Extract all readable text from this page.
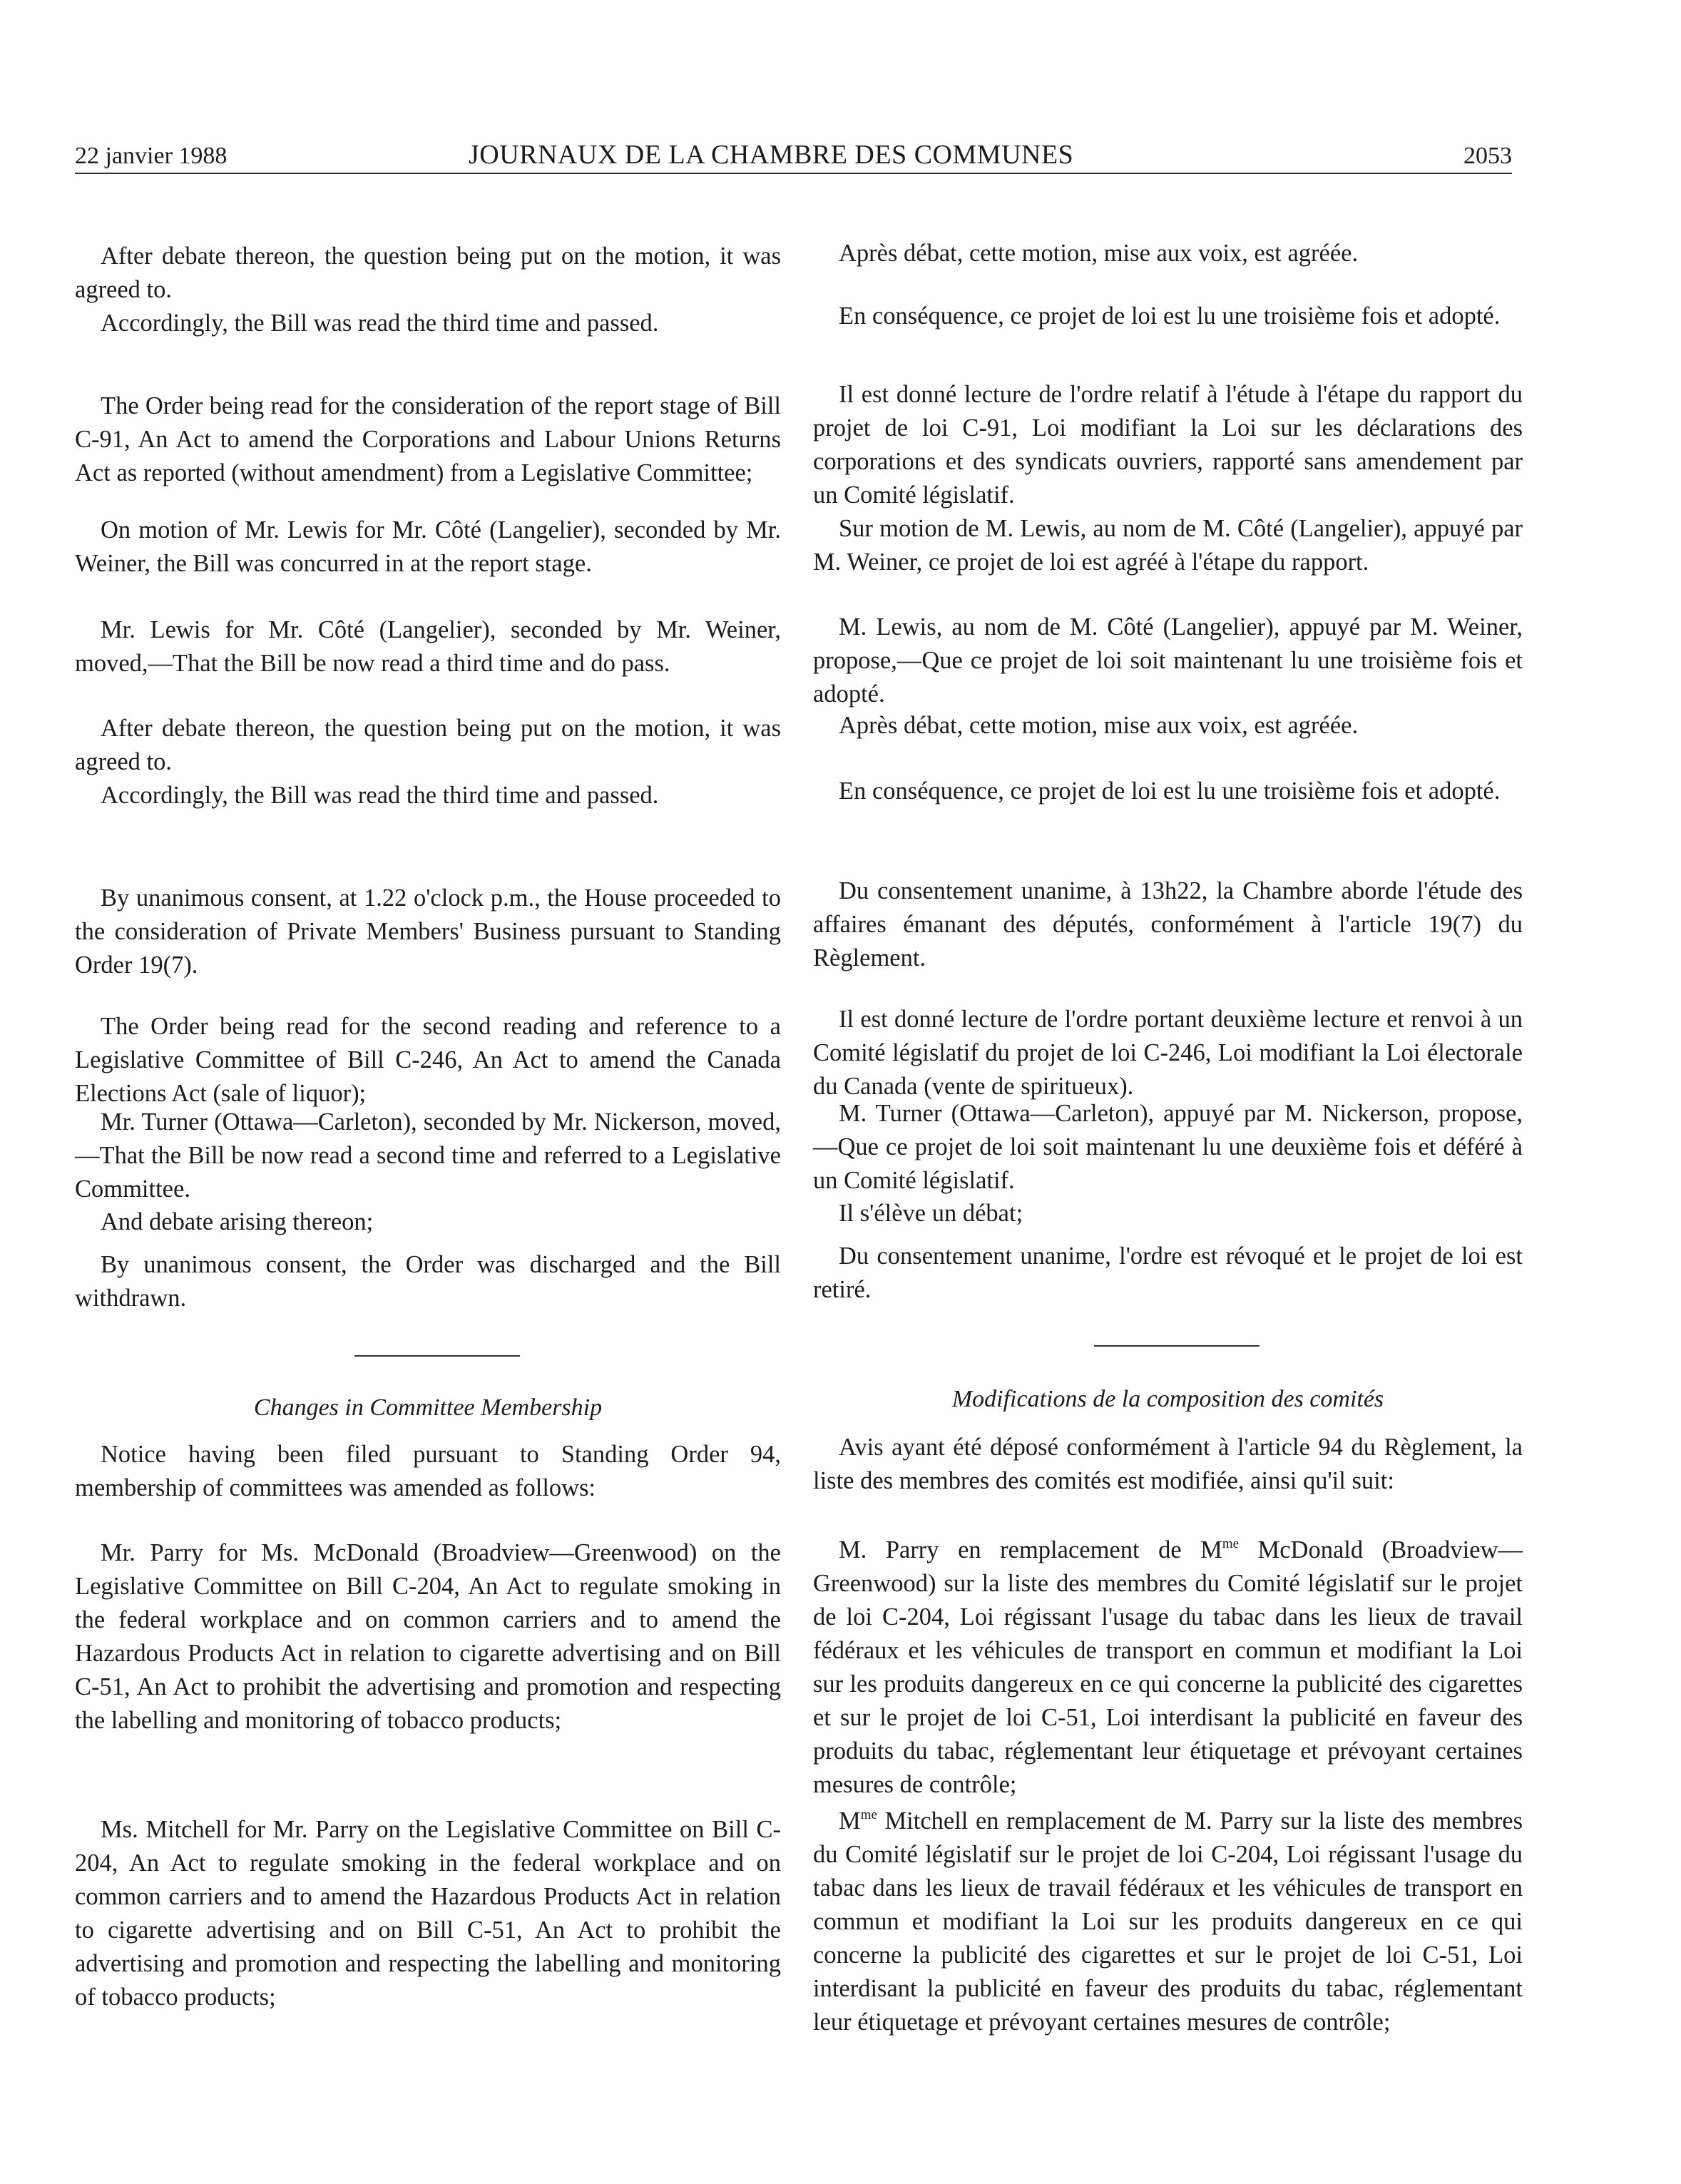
22 janvier 1988	JOURNAUX DE LA CHAMBRE DES COMMUNES	2053

After debate thereon, the question being put on the motion, it was agreed to.

Accordingly, the Bill was read the third time and passed.

The Order being read for the consideration of the report stage of Bill C-91, An Act to amend the Corporations and Labour Unions Returns Act as reported (without amendment) from a Legislative Committee;

On motion of Mr. Lewis for Mr. Côté (Langelier), seconded by Mr. Weiner, the Bill was concurred in at the report stage.

Mr. Lewis for Mr. Côté (Langelier), seconded by Mr. Weiner, moved,—That the Bill be now read a third time and do pass.

After debate thereon, the question being put on the motion, it was agreed to.

Accordingly, the Bill was read the third time and passed.

By unanimous consent, at 1.22 o'clock p.m., the House proceeded to the consideration of Private Members' Business pursuant to Standing Order 19(7).

The Order being read for the second reading and reference to a Legislative Committee of Bill C-246, An Act to amend the Canada Elections Act (sale of liquor);

Mr. Turner (Ottawa—Carleton), seconded by Mr. Nickerson, moved,—That the Bill be now read a second time and referred to a Legislative Committee.

And debate arising thereon;

By unanimous consent, the Order was discharged and the Bill withdrawn.

Changes in Committee Membership

Notice having been filed pursuant to Standing Order 94, membership of committees was amended as follows:

Mr. Parry for Ms. McDonald (Broadview—Greenwood) on the Legislative Committee on Bill C-204, An Act to regulate smoking in the federal workplace and on common carriers and to amend the Hazardous Products Act in relation to cigarette advertising and on Bill C-51, An Act to prohibit the advertising and promotion and respecting the labelling and monitoring of tobacco products;

Ms. Mitchell for Mr. Parry on the Legislative Committee on Bill C-204, An Act to regulate smoking in the federal workplace and on common carriers and to amend the Hazardous Products Act in relation to cigarette advertising and on Bill C-51, An Act to prohibit the advertising and promotion and respecting the labelling and monitoring of tobacco products;

Après débat, cette motion, mise aux voix, est agréée.

En conséquence, ce projet de loi est lu une troisième fois et adopté.

Il est donné lecture de l'ordre relatif à l'étude à l'étape du rapport du projet de loi C-91, Loi modifiant la Loi sur les déclarations des corporations et des syndicats ouvriers, rapporté sans amendement par un Comité législatif.

Sur motion de M. Lewis, au nom de M. Côté (Langelier), appuyé par M. Weiner, ce projet de loi est agréé à l'étape du rapport.

M. Lewis, au nom de M. Côté (Langelier), appuyé par M. Weiner, propose,—Que ce projet de loi soit maintenant lu une troisième fois et adopté.

Après débat, cette motion, mise aux voix, est agréée.

En conséquence, ce projet de loi est lu une troisième fois et adopté.

Du consentement unanime, à 13h22, la Chambre aborde l'étude des affaires émanant des députés, conformément à l'article 19(7) du Règlement.

Il est donné lecture de l'ordre portant deuxième lecture et renvoi à un Comité législatif du projet de loi C-246, Loi modifiant la Loi électorale du Canada (vente de spiritueux).

M. Turner (Ottawa—Carleton), appuyé par M. Nickerson, propose,—Que ce projet de loi soit maintenant lu une deuxième fois et déféré à un Comité législatif.

Il s'élève un débat;

Du consentement unanime, l'ordre est révoqué et le projet de loi est retiré.

Modifications de la composition des comités

Avis ayant été déposé conformément à l'article 94 du Règlement, la liste des membres des comités est modifiée, ainsi qu'il suit:

M. Parry en remplacement de $M^{me}$ McDonald (Broadview—Greenwood) sur la liste des membres du Comité législatif sur le projet de loi C-204, Loi régissant l'usage du tabac dans les lieux de travail fédéraux et les véhicules de transport en commun et modifiant la Loi sur les produits dangereux en ce qui concerne la publicité des cigarettes et sur le projet de loi C-51, Loi interdisant la publicité en faveur des produits du tabac, réglementant leur étiquetage et prévoyant certaines mesures de contrôle;

$M^{me}$ Mitchell en remplacement de M. Parry sur la liste des membres du Comité législatif sur le projet de loi C-204, Loi régissant l'usage du tabac dans les lieux de travail fédéraux et les véhicules de transport en commun et modifiant la Loi sur les produits dangereux en ce qui concerne la publicité des cigarettes et sur le projet de loi C-51, Loi interdisant la publicité en faveur des produits du tabac, réglementant leur étiquetage et prévoyant certaines mesures de contrôle;
